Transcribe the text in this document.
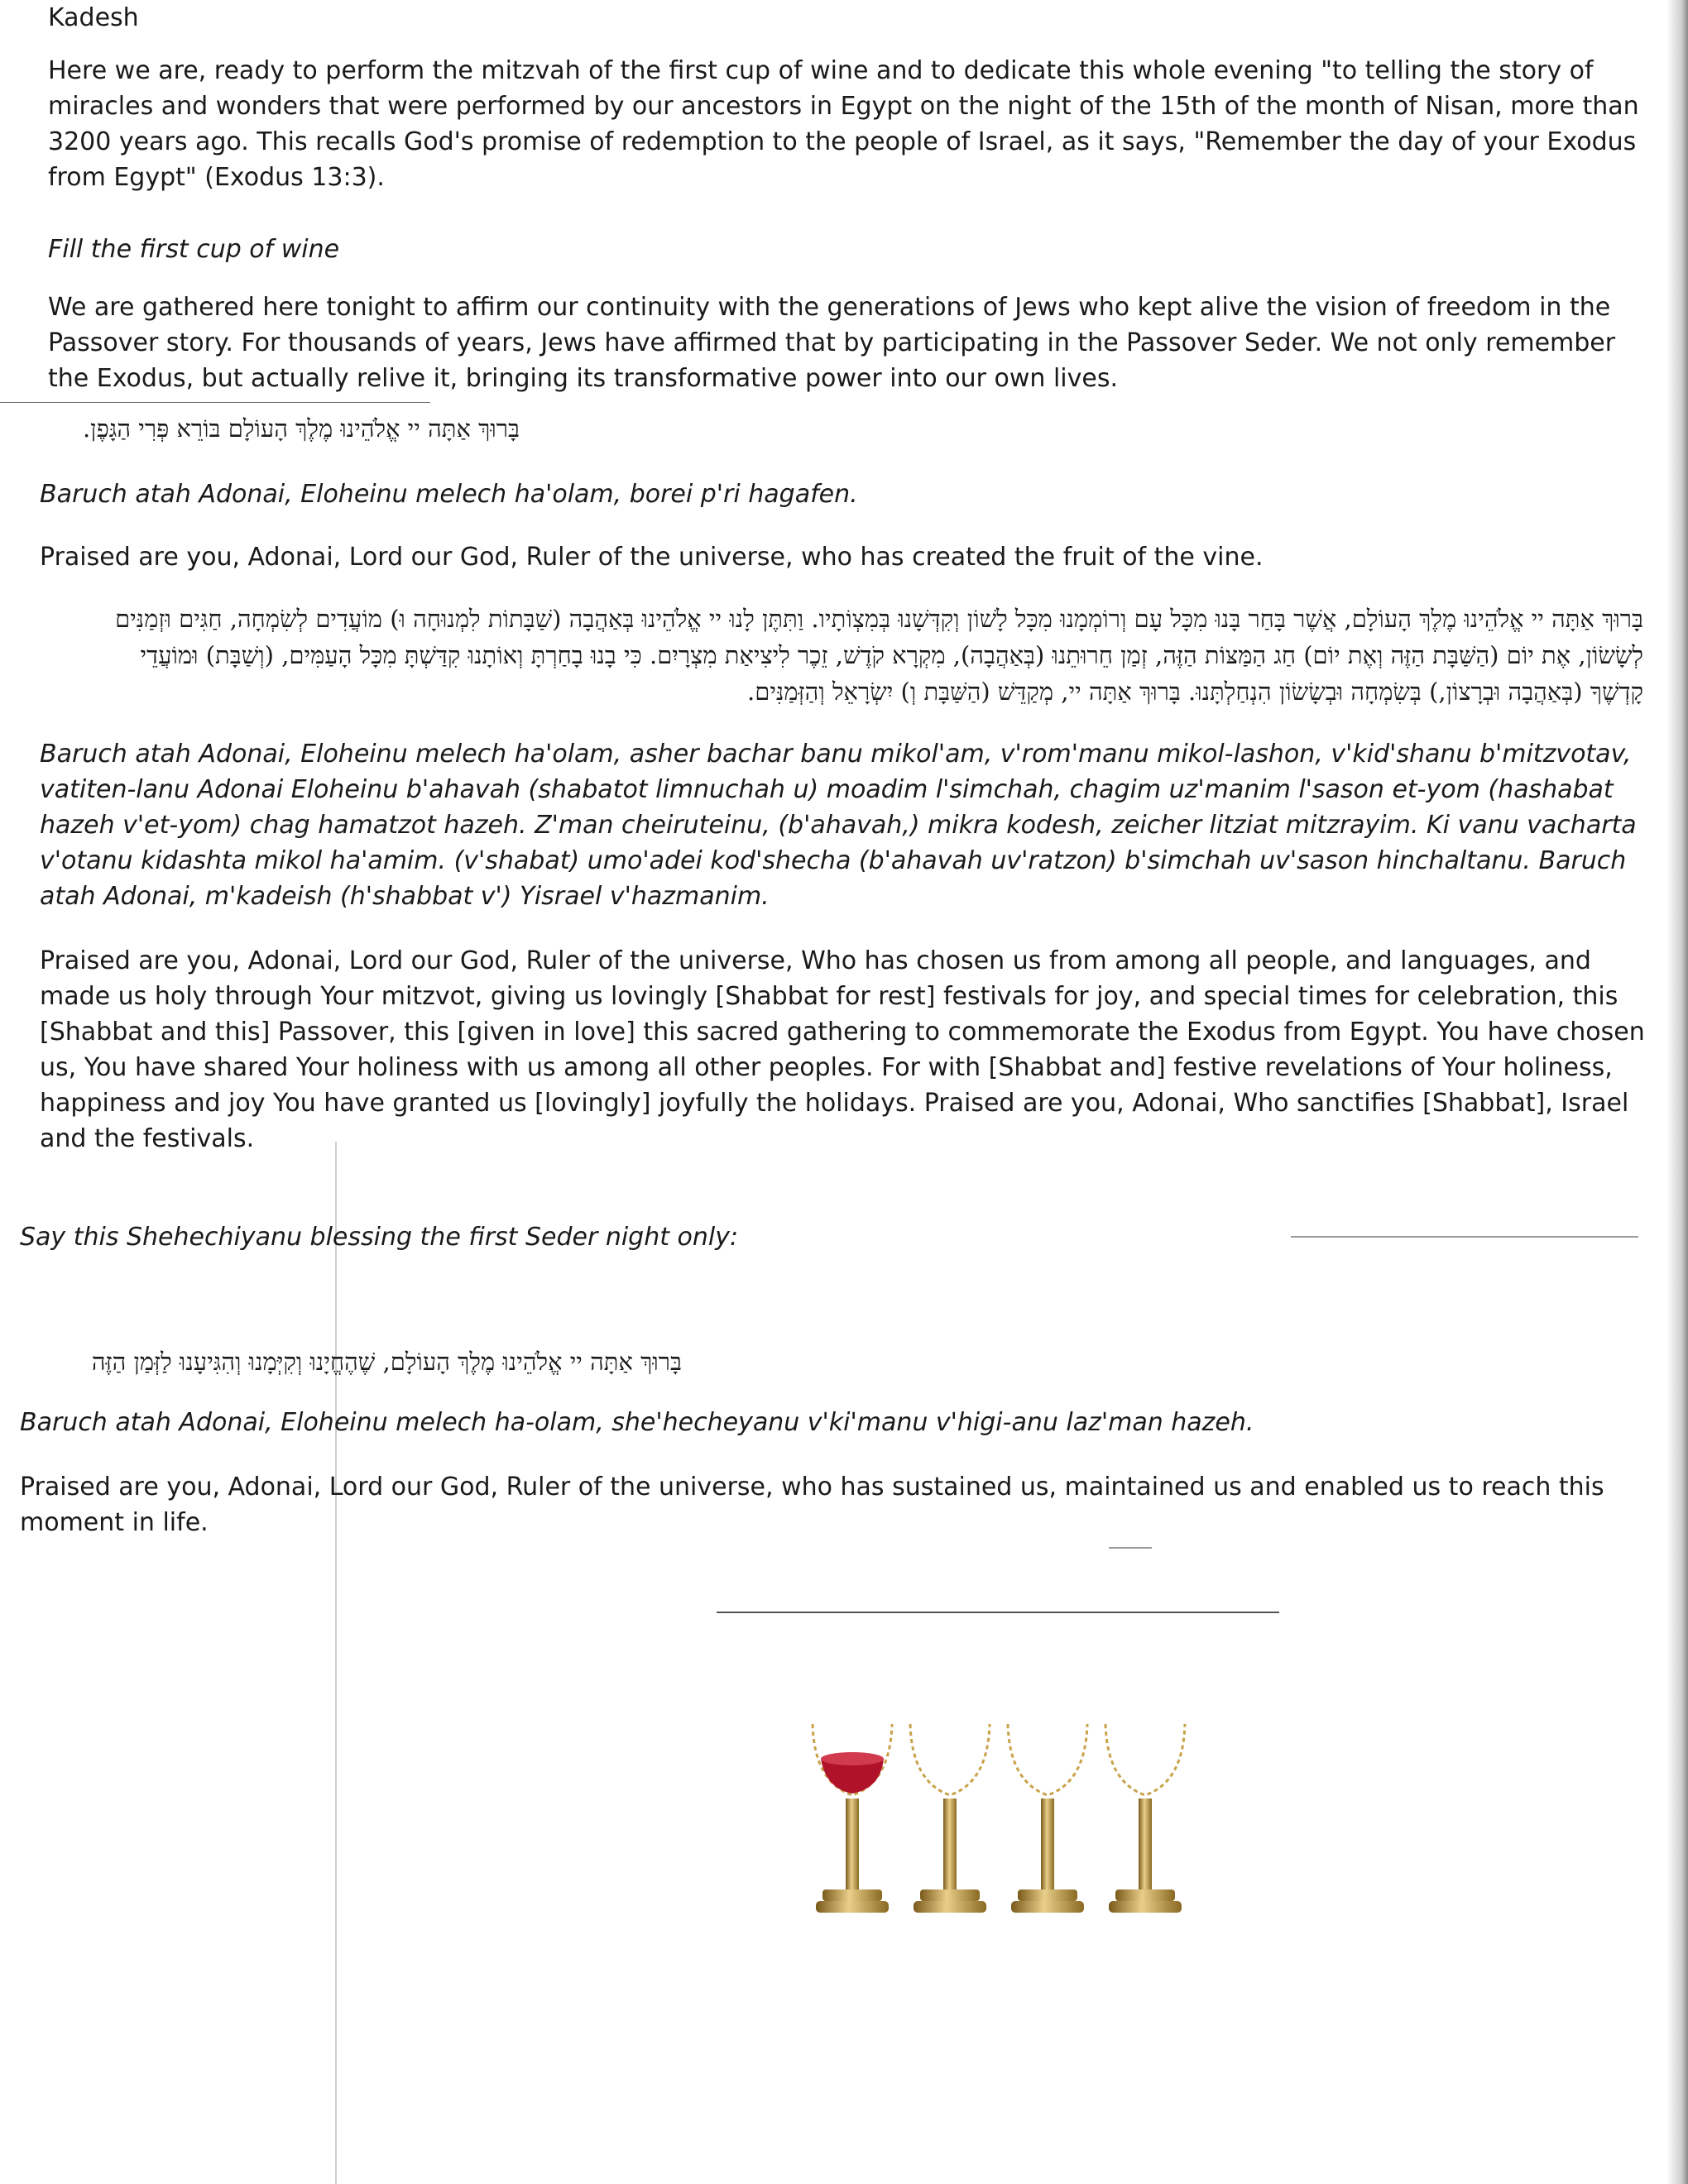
Kadesh

Here we are, ready to perform the mitzvah of the first cup of wine and to dedicate this whole evening "to telling the story of miracles and wonders that were performed by our ancestors in Egypt on the night of the 15th of the month of Nisan, more than 3200 years ago. This recalls God's promise of redemption to the people of Israel, as it says, "Remember the day of your Exodus from Egypt" (Exodus 13:3).

Fill the first cup of wine

We are gathered here tonight to affirm our continuity with the generations of Jews who kept alive the vision of freedom in the Passover story. For thousands of years, Jews have affirmed that by participating in the Passover Seder. We not only remember the Exodus, but actually relive it, bringing its transformative power into our own lives.

בָּרוּךְ אַתָּה יי אֱלֹהֵינוּ מֶלֶךְ הָעוֹלָם בּוֹרֵא פְּרִי הַגָּפֶן.

Baruch atah Adonai, Eloheinu melech ha'olam, borei p'ri hagafen.

Praised are you, Adonai, Lord our God, Ruler of the universe, who has created the fruit of the vine.

בָּרוּךְ אַתָּה יי אֱלֹהֵינוּ מֶלֶךְ הָעוֹלָם, אֲשֶׁר בָּחַר בָּנוּ מִכָּל עָם וְרוֹמְמָנוּ מִכָּל לָשׁוֹן וְקִדְּשָׁנוּ בְּמִצְוֹתָיו. וַתִּתֶּן לָנוּ יי אֱלֹהֵינוּ בְּאַהֲבָה (שַׁבָּתוֹת לִמְנוּחָה וּ) מוֹעֲדִים לְשִׂמְחָה, חַגִּים וּזְמַנִּים לְשָׂשׂוֹן, אֶת יוֹם (הַשַּׁבָּת הַזֶּה וְאֶת יוֹם) חַג הַמַּצּוֹת הַזֶּה, זְמַן חֵרוּתֵנוּ (בְּאַהֲבָה), מִקְרָא קֹדֶשׁ, זֵכֶר לִיצִיאַת מִצְרָיִם. כִּי בָנוּ בָחַרְתָּ וְאוֹתָנוּ קִדַּשְׁתָּ מִכָּל הָעַמִּים, (וְשַׁבָּת) וּמוֹעֲדֵי קָדְשֶׁךָ (בְּאַהֲבָה וּבְרָצוֹן,) בְּשִׂמְחָה וּבְשָׂשׂוֹן הִנְחַלְתָּנוּ. בָּרוּךְ אַתָּה יי, מְקַדֵּשׁ (הַשַּׁבָּת וְ) יִשְׂרָאֵל וְהַזְּמַנִּים.

Baruch atah Adonai, Eloheinu melech ha'olam, asher bachar banu mikol'am, v'rom'manu mikol-lashon, v'kid'shanu b'mitzvotav, vatiten-lanu Adonai Eloheinu b'ahavah (shabatot limnuchah u) moadim l'simchah, chagim uz'manim l'sason et-yom (hashabat hazeh v'et-yom) chag hamatzot hazeh. Z'man cheiruteinu, (b'ahavah,) mikra kodesh, zeicher litziat mitzrayim. Ki vanu vacharta v'otanu kidashta mikol ha'amim. (v'shabat) umo'adei kod'shecha (b'ahavah uv'ratzon) b'simchah uv'sason hinchaltanu. Baruch atah Adonai, m'kadeish (h'shabbat v') Yisrael v'hazmanim.

Praised are you, Adonai, Lord our God, Ruler of the universe, Who has chosen us from among all people, and languages, and made us holy through Your mitzvot, giving us lovingly [Shabbat for rest] festivals for joy, and special times for celebration, this [Shabbat and this] Passover, this [given in love] this sacred gathering to commemorate the Exodus from Egypt. You have chosen us, You have shared Your holiness with us among all other peoples. For with [Shabbat and] festive revelations of Your holiness, happiness and joy You have granted us [lovingly] joyfully the holidays. Praised are you, Adonai, Who sanctifies [Shabbat], Israel and the festivals.

Say this Shehechiyanu blessing the first Seder night only:

בָּרוּךְ אַתָּה יי אֱלֹהֵינוּ מֶלֶךְ הָעוֹלָם, שֶׁהֶחֱיָנוּ וְקִיְּמָנוּ וְהִגִּיעָנוּ לַזְּמַן הַזֶּה

Baruch atah Adonai, Eloheinu melech ha-olam, she'hecheyanu v'ki'manu v'higi-anu laz'man hazeh.

Praised are you, Adonai, Lord our God, Ruler of the universe, who has sustained us, maintained us and enabled us to reach this moment in life.
